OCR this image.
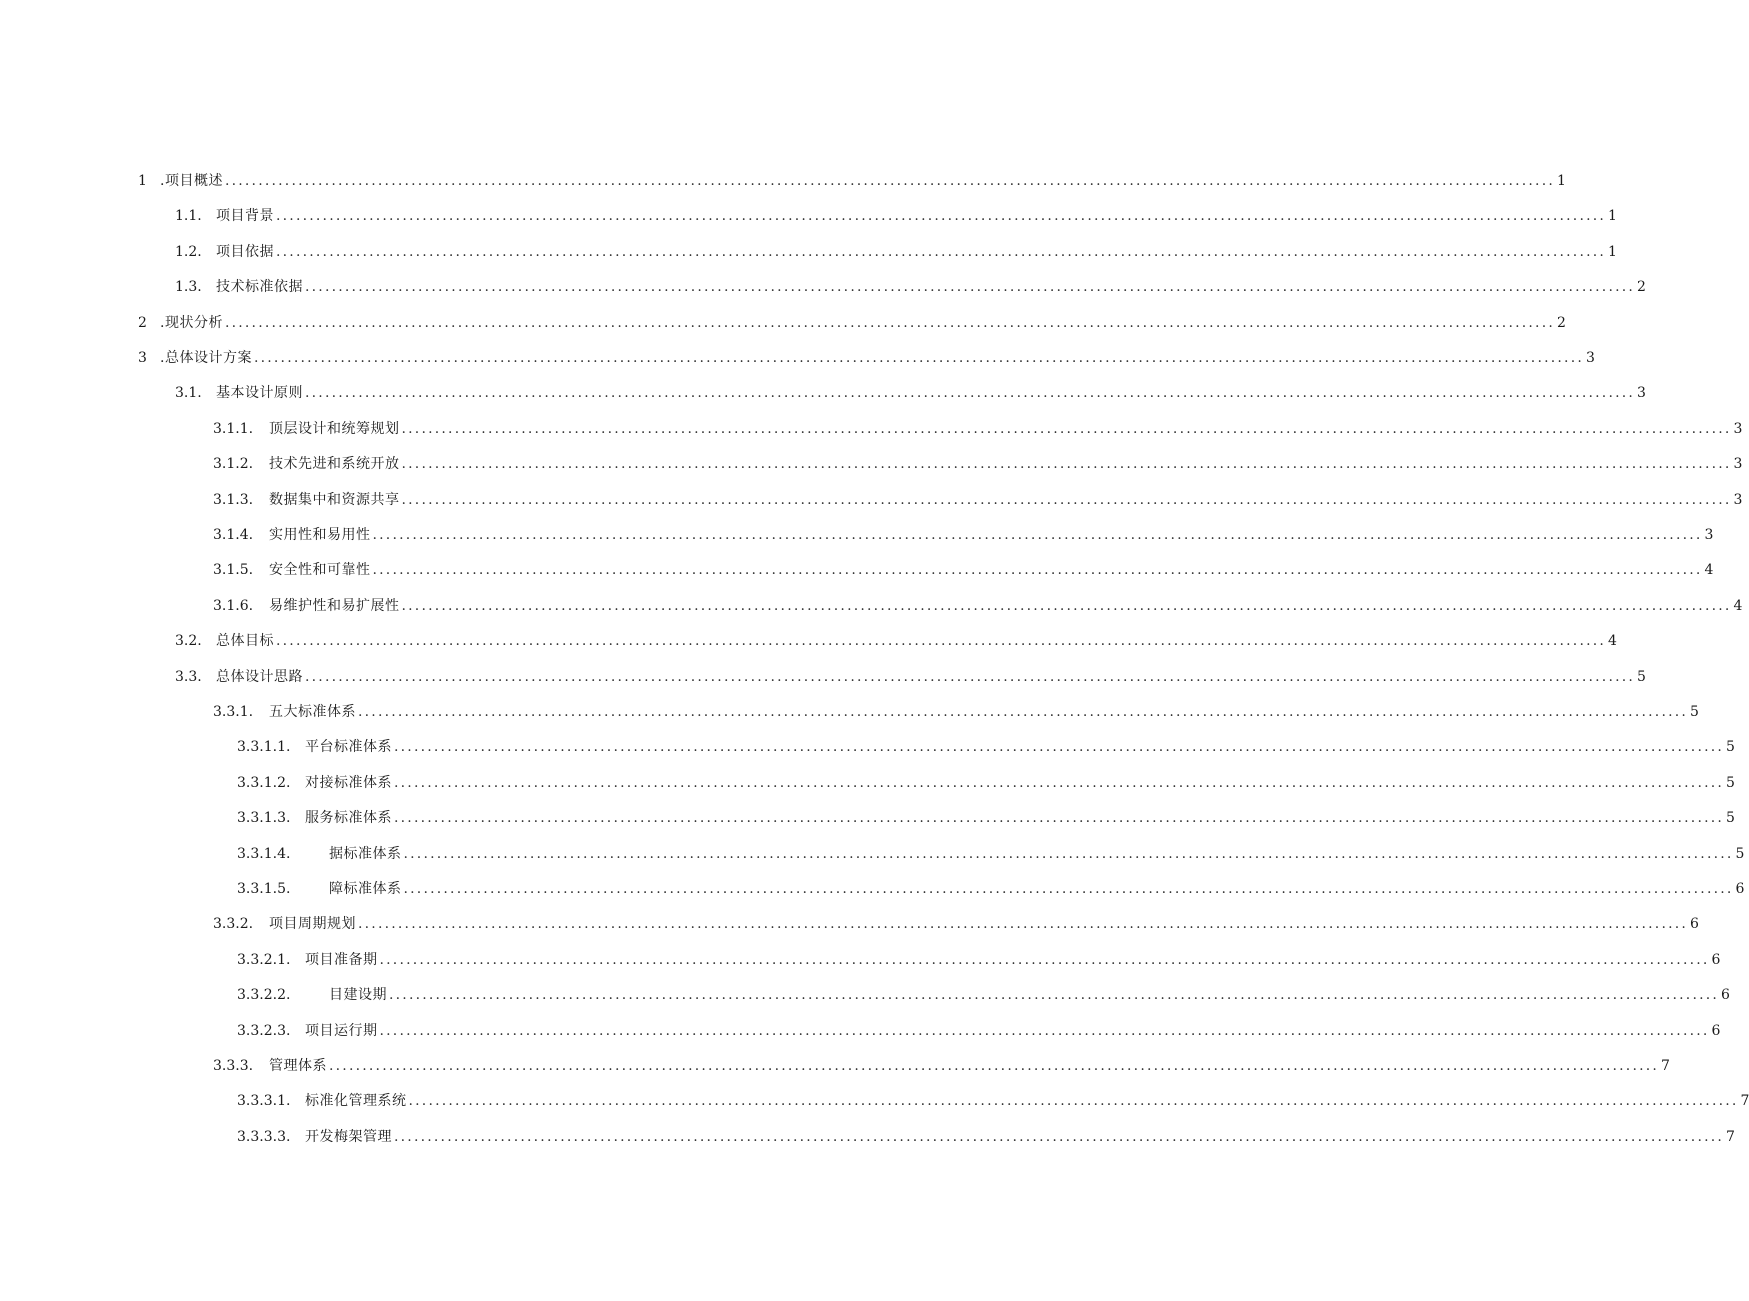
1 .项目概述 ........................................................................................................................................................................................................ 1
1.1.	项目背景 ........................................................................................................................................................................................................ 1
1.2.	项目依据 ........................................................................................................................................................................................................ 1
1.3.	技术标准依据 ........................................................................................................................................................................................................ 2
2 .现状分析 ........................................................................................................................................................................................................ 2
3 .总体设计方案 ........................................................................................................................................................................................................ 3
3.1.	基本设计原则 ........................................................................................................................................................................................................ 3
3.1.1.	顶层设计和统筹规划 ........................................................................................................................................................................................................ 3
3.1.2.	技术先进和系统开放 ........................................................................................................................................................................................................ 3
3.1.3.	数据集中和资源共享 ........................................................................................................................................................................................................ 3
3.1.4.	实用性和易用性 ........................................................................................................................................................................................................ 3
3.1.5.	安全性和可靠性 ........................................................................................................................................................................................................ 4
3.1.6.	易维护性和易扩展性 ........................................................................................................................................................................................................ 4
3.2.	总体目标 ........................................................................................................................................................................................................ 4
3.3.	总体设计思路 ........................................................................................................................................................................................................ 5
3.3.1.	五大标准体系 ........................................................................................................................................................................................................ 5
3.3.1.1.	平台标准体系 ........................................................................................................................................................................................................ 5
3.3.1.2.	对接标准体系 ........................................................................................................................................................................................................ 5
3.3.1.3.	服务标准体系 ........................................................................................................................................................................................................ 5
3.3.1.4.	据标准体系 ........................................................................................................................................................................................................ 5
3.3.1.5.	障标准体系 ........................................................................................................................................................................................................ 6
3.3.2.	项目周期规划 ........................................................................................................................................................................................................ 6
3.3.2.1.	项目准备期 ........................................................................................................................................................................................................ 6
3.3.2.2.	目建设期 ........................................................................................................................................................................................................ 6
3.3.2.3.	项目运行期 ........................................................................................................................................................................................................ 6
3.3.3.	管理体系 ........................................................................................................................................................................................................ 7
3.3.3.1.	标准化管理系统 ........................................................................................................................................................................................................ 7
3.3.3.3.	开发梅架管理 ........................................................................................................................................................................................................ 7
